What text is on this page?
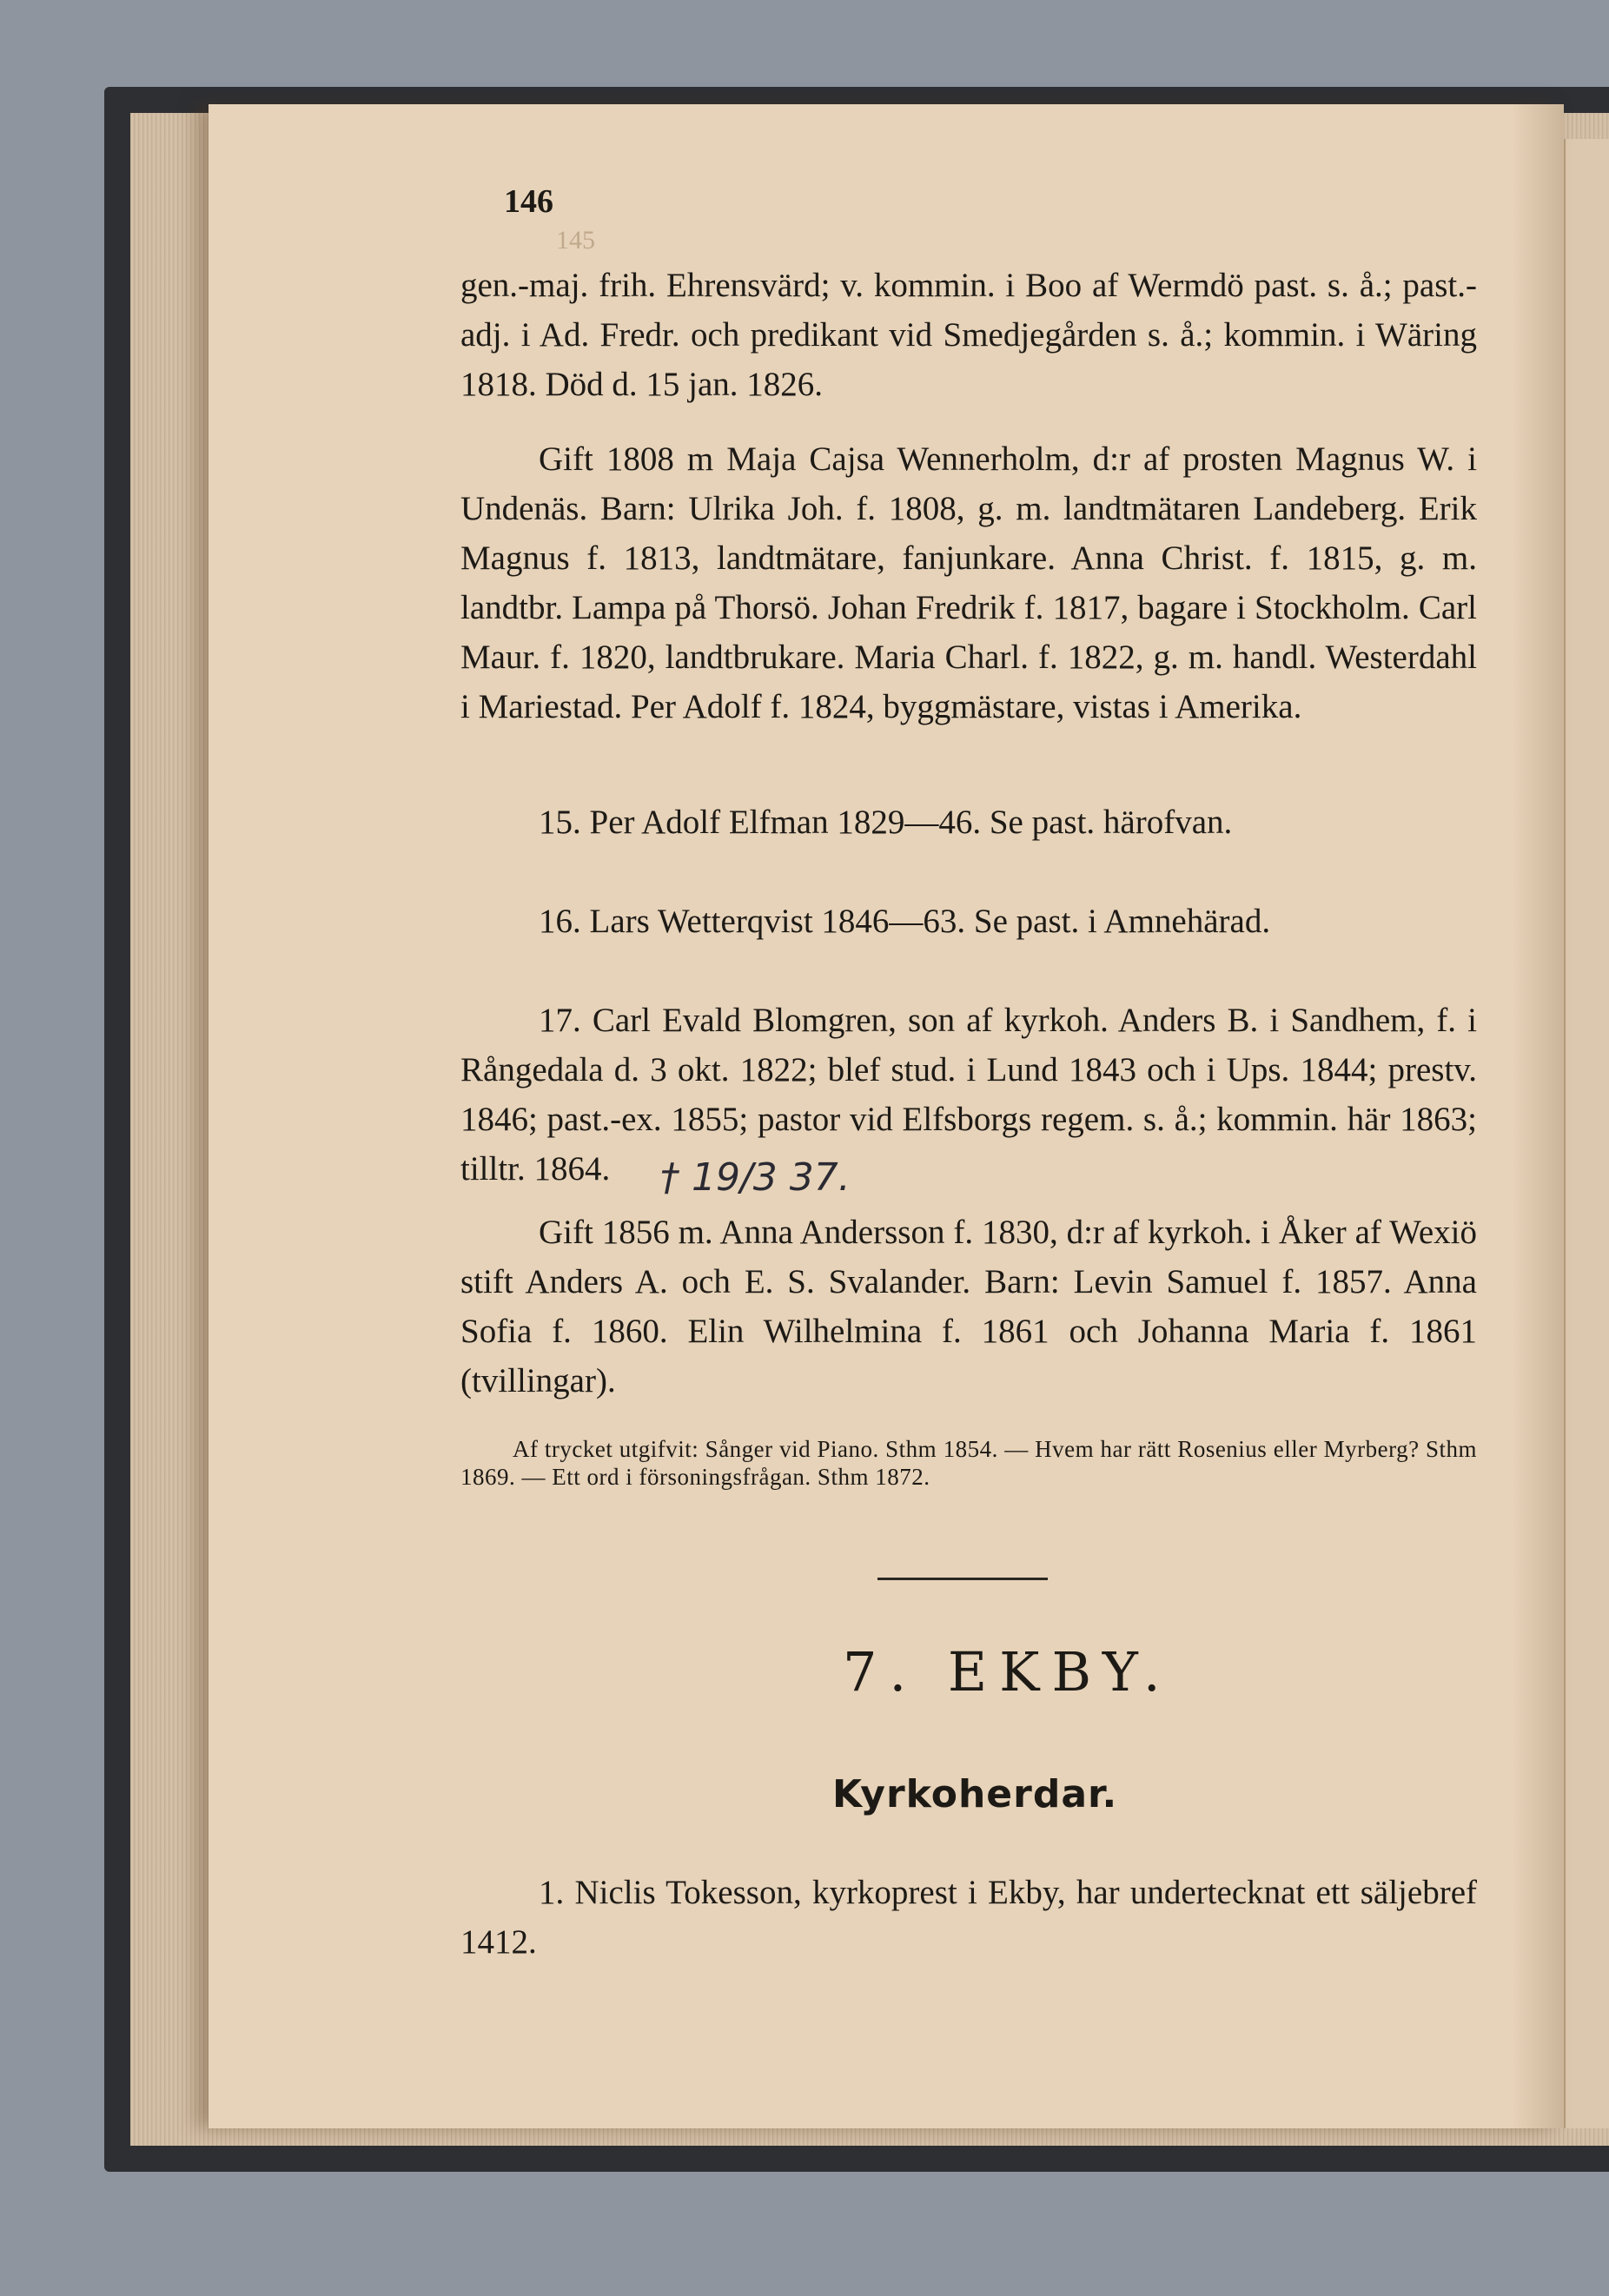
146
145

gen.-maj. frih. Ehrensvärd; v. kommin. i Boo af Wermdö past. s. å.; past.-adj. i Ad. Fredr. och predikant vid Smedjegården s. å.; kommin. i Wäring 1818. Död d. 15 jan. 1826.

Gift 1808 m Maja Cajsa Wennerholm, d:r af prosten Magnus W. i Undenäs. Barn: Ulrika Joh. f. 1808, g. m. landtmätaren Landeberg. Erik Magnus f. 1813, landtmätare, fanjunkare. Anna Christ. f. 1815, g. m. landtbr. Lampa på Thorsö. Johan Fredrik f. 1817, bagare i Stockholm. Carl Maur. f. 1820, landtbrukare. Maria Charl. f. 1822, g. m. handl. Westerdahl i Mariestad. Per Adolf f. 1824, byggmästare, vistas i Amerika.

15. Per Adolf Elfman 1829—46. Se past. härofvan.

16. Lars Wetterqvist 1846—63. Se past. i Amnehärad.

17. Carl Evald Blomgren, son af kyrkoh. Anders B. i Sandhem, f. i Rångedala d. 3 okt. 1822; blef stud. i Lund 1843 och i Ups. 1844; prestv. 1846; past.-ex. 1855; pastor vid Elfsborgs regem. s. å.; kommin. här 1863; tilltr. 1864.	† 19/3 37.

Gift 1856 m. Anna Andersson f. 1830, d:r af kyrkoh. i Åker af Wexiö stift Anders A. och E. S. Svalander. Barn: Levin Samuel f. 1857. Anna Sofia f. 1860. Elin Wilhelmina f. 1861 och Johanna Maria f. 1861 (tvillingar).

Af trycket utgifvit: Sånger vid Piano. Sthm 1854. — Hvem har rätt Rosenius eller Myrberg? Sthm 1869. — Ett ord i försoningsfrågan. Sthm 1872.

7. EKBY.
Kyrkoherdar.

1. Niclis Tokesson, kyrkoprest i Ekby, har undertecknat ett säljebref 1412.
